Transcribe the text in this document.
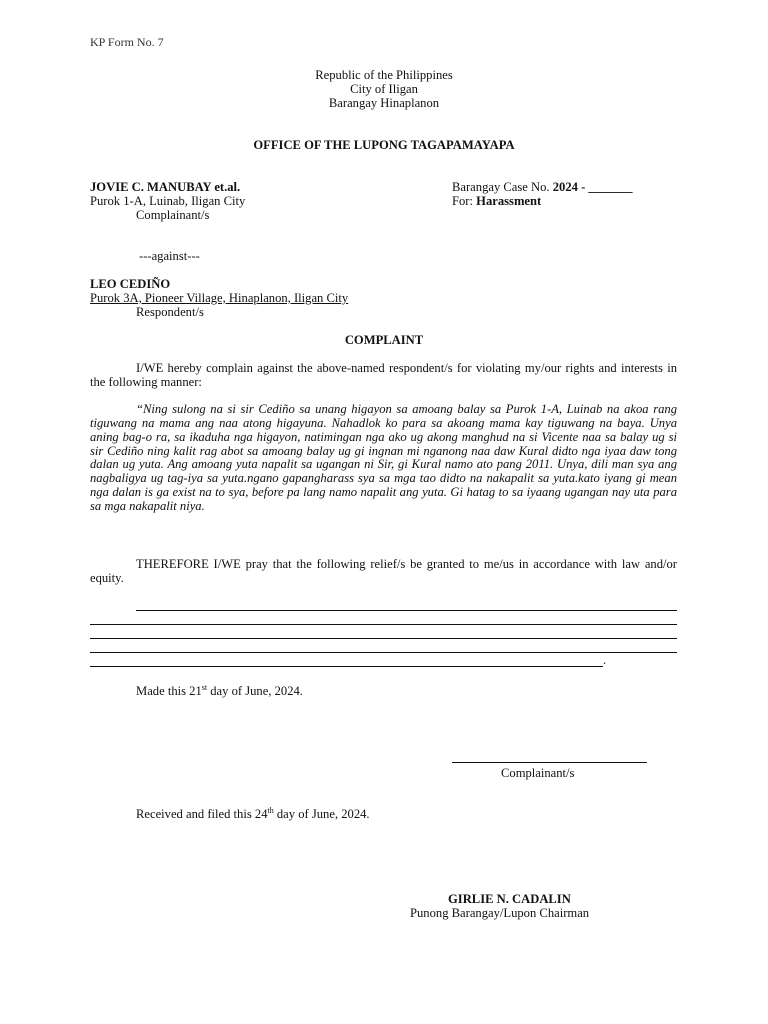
KP Form No. 7
Republic of the Philippines
City of Iligan
Barangay Hinaplanon
OFFICE OF THE LUPONG TAGAPAMAYAPA
JOVIE C. MANUBAY et.al.
Purok 1-A, Luinab, Iligan City
Complainant/s
Barangay Case No. 2024 - _______
For: Harassment
---against---
LEO CEDIÑO
Purok 3A, Pioneer Village, Hinaplanon, Iligan City
Respondent/s
COMPLAINT
I/WE hereby complain against the above-named respondent/s for violating my/our rights and interests in the following manner:
“Ning sulong na si sir Cediño sa unang higayon sa amoang balay sa Purok 1-A, Luinab na akoa rang tiguwang na mama ang naa atong higayuna. Nahadlok ko para sa akoang mama kay tiguwang na baya. Unya aning bag-o ra, sa ikaduha nga higayon, natimingan nga ako ug akong manghud na si Vicente naa sa balay ug si sir Cediño ning kalit rag abot sa amoang balay ug gi ingnan mi nganong naa daw Kural didto nga iyaa daw tong dalan ug yuta. Ang amoang yuta napalit sa ugangan ni Sir, gi Kural namo ato pang 2011. Unya, dili man sya ang nagbaligya ug tag-iya sa yuta.ngano gapangharass sya sa mga tao didto na nakapalit sa yuta.kato iyang gi mean nga dalan is ga exist na to sya, before pa lang namo napalit ang yuta. Gi hatag to sa iyaang ugangan nay uta para sa mga nakapalit niya.
THEREFORE I/WE pray that the following relief/s be granted to me/us in accordance with law and/or equity.
.
Made this 21st day of June, 2024.
Complainant/s
Received and filed this 24th day of June, 2024.
GIRLIE N. CADALIN
Punong Barangay/Lupon Chairman
